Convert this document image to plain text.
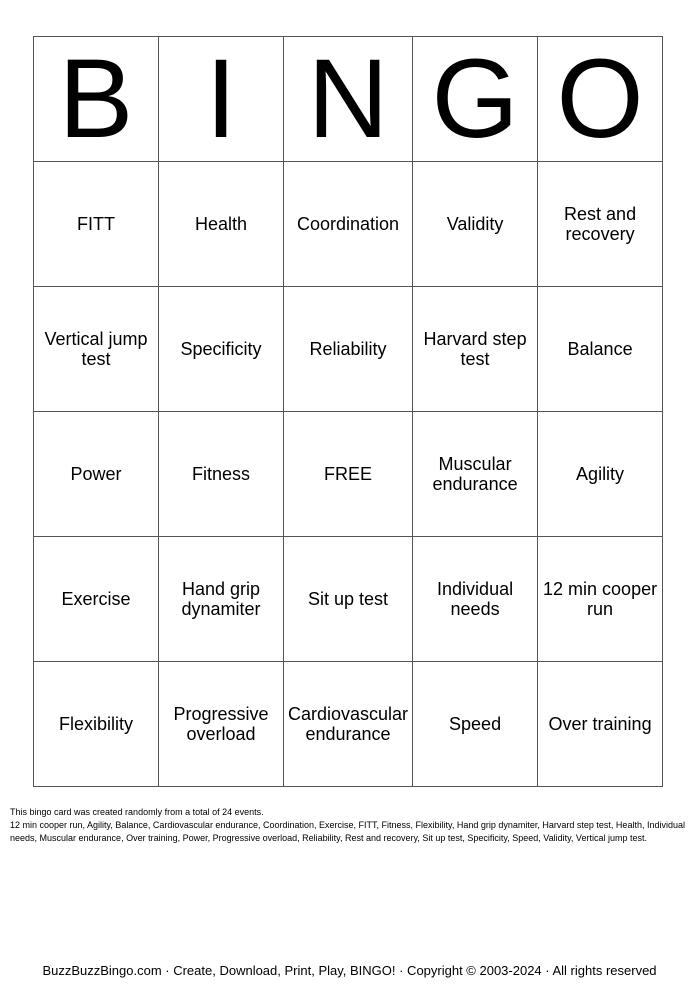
B	I	N	G	O
FITT	Health	Coordination	Validity	Rest and recovery
Vertical jump test	Specificity	Reliability	Harvard step test	Balance
Power	Fitness	FREE	Muscular endurance	Agility
Exercise	Hand grip dynamiter	Sit up test	Individual needs	12 min cooper run
Flexibility	Progressive overload	Cardiovascular endurance	Speed	Over training

This bingo card was created randomly from a total of 24 events.

12 min cooper run, Agility, Balance, Cardiovascular endurance, Coordination, Exercise, FITT, Fitness, Flexibility, Hand grip dynamiter, Harvard step test, Health, Individual needs, Muscular endurance, Over training, Power, Progressive overload, Reliability, Rest and recovery, Sit up test, Specificity, Speed, Validity, Vertical jump test.

BuzzBuzzBingo.com · Create, Download, Print, Play, BINGO! · Copyright © 2003-2024 · All rights reserved
